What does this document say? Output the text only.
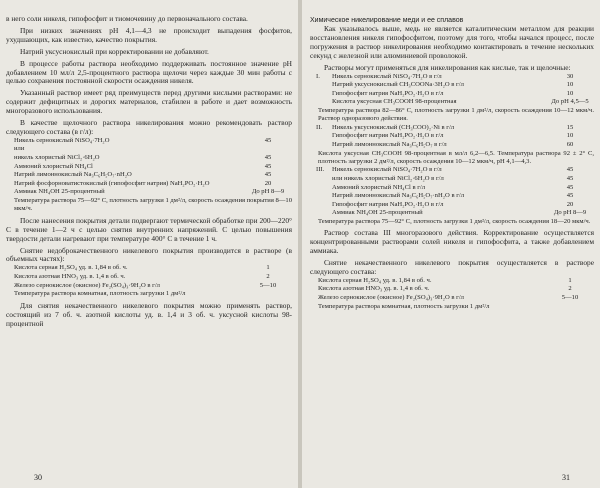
в него соли никеля, гипофосфит и тиомочевину до первоначального состава.

При низких значениях pH 4,1—4,3 не происходит выпадения фосфитов, ухудшающих, как известно, качество покрытия.

Натрий уксуснокислый при корректировании не добавляют.

В процессе работы раствора необходимо поддерживать постоянное значение pH добавлением 10 мл/л 2,5-процентного раствора щелочи через каждые 30 мин работы с целью сохранения постоянной скорости осаждения никеля.

Указанный раствор имеет ряд преимуществ перед другими кислыми растворами: не содержит дефицитных и дорогих материалов, стабилен в работе и дает возможность многоразового использования.

В качестве щелочного раствора никелирования можно рекомендовать раствор следующего состава (в г/л):

Никель сернокислый NiSO₄·7H₂O	45
или
никель хлористый NiCl₂·6H₂O	45
Аммоний хлористый NH₄Cl	45
Натрий лимоннокислый Na₃C₆H₅O₇·nH₂O	45
Натрий фосфорноватистокислый (гипофосфит натрия) NaH₂PO₂·H₂O	20
Аммиак NH₄OH 25-процентный	До pH 8—9

Температура раствора 75—92° С, плотность загрузки 1 дм²/л, скорость осаждения покрытия 8—10 мкм/ч.

После нанесения покрытия детали подвергают термической обработке при 200—220° С в течение 1—2 ч с целью снятия внутренних напряжений. С целью повышения твердости детали нагревают при температуре 400° С в течение 1 ч.

Снятие недоброкачественного никелевого покрытия производится в растворе (в объемных частях):

Кислота серная H₂SO₄ уд. в. 1,84 в об. ч.	1
Кислота азотная HNO₃ уд. в. 1,4 в об. ч.	2
Железо сернокислое (окисное) Fe₂(SO₄)₃·9H₂O в г/л	5—10
Температура раствора комнатная, плотность загрузки 1 дм²/л

Для снятия некачественного никелевого покрытия можно применять раствор, состоящий из 7 об. ч. азотной кислоты уд. в. 1,4 и 3 об. ч. уксусной кислоты 98-процентной

Химическое никелирование меди и ее сплавов

Как указывалось выше, медь не является каталитическим металлом для реакции восстановления никеля гипофосфитом, поэтому для того, чтобы начался процесс, после погружения в раствор никелирования необходимо контактировать в течение нескольких секунд с железной или алюминиевой проволокой.

Растворы могут применяться для никелирования как кислые, так и щелочные:

I.	Никель сернокислый NiSO₄·7H₂O в г/л	30
Натрий уксуснокислый CH₃COONa·3H₂O в г/л	10
Гипофосфит натрия NaH₂PO₂·H₂O в г/л	10
Кислота уксусная CH₃COOH 98-процентная	До pH 4,5—5

Температура раствора 82—86° С, плотность загрузки 1 дм²/л, скорость осаждения 10—12 мкм/ч. Раствор одноразового действия.

II.	Никель уксуснокислый (CH₃COO)₂·Ni в г/л	15
Гипофосфит натрия NaH₂PO₂·H₂O в г/л	10
Натрий лимоннокислый Na₃C₆H₅O₇ в г/л	60

Кислота уксусная CH₃COOH 98-процентная в мл/л 6,2—6,5. Температура раствора 92 ± 2° С, плотность загрузки 2 дм²/л, скорость осаждения 10—12 мкм/ч, pH 4,1—4,3.

III.	Никель сернокислый NiSO₄·7H₂O в г/л	45
или никель хлористый NiCl₂·6H₂O в г/л	45
Аммоний хлористый NH₄Cl в г/л	45
Натрий лимоннокислый Na₃C₆H₅O₇·nH₂O в г/л	45
Гипофосфит натрия NaH₂PO₂·H₂O в г/л	20
Аммиак NH₄OH 25-процентный	До pH 8—9

Температура раствора 75—92° С, плотность загрузки 1 дм²/л, скорость осаждения 18—20 мкм/ч.

Раствор состава III многоразового действия. Корректирование осуществляется концентрированными растворами солей никеля и гипофосфита, а также добавлением аммиака.

Снятие некачественного никелевого покрытия осуществляется в растворе следующего состава:

Кислота серная H₂SO₄ уд. в. 1,84 в об. ч.	1
Кислота азотная HNO₃ уд. в. 1,4 в об. ч.	2
Железо сернокислое (окисное) Fe₂(SO₄)₃·9H₂O в г/л	5—10
Температура раствора комнатная, плотность загрузки 1 дм²/л
30	31
